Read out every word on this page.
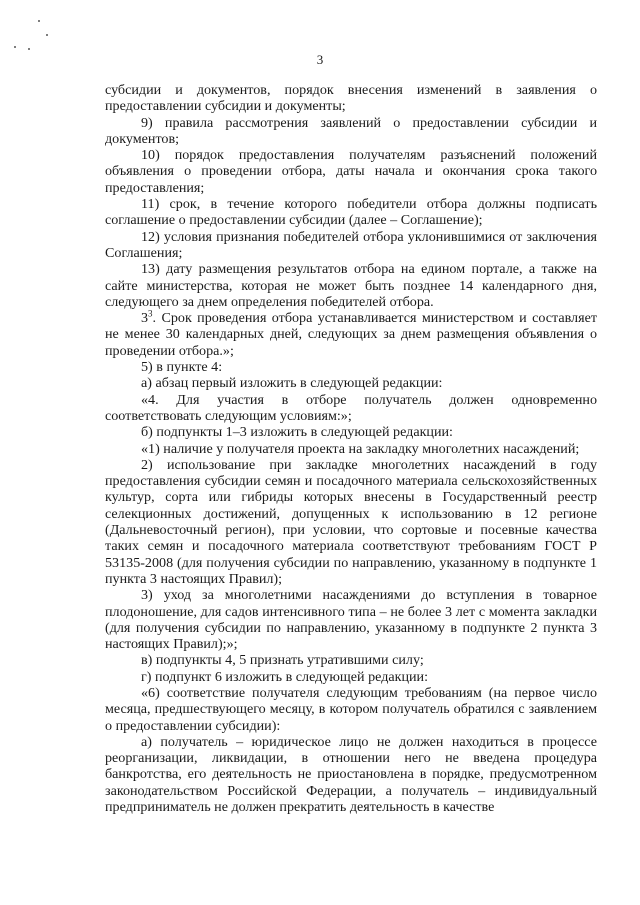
3

субсидии и документов, порядок внесения изменений в заявления о предоставлении субсидии и документы;

9) правила рассмотрения заявлений о предоставлении субсидии и документов;

10) порядок предоставления получателям разъяснений положений объявления о проведении отбора, даты начала и окончания срока такого предоставления;

11) срок, в течение которого победители отбора должны подписать соглашение о предоставлении субсидии (далее – Соглашение);

12) условия признания победителей отбора уклонившимися от заключения Соглашения;

13) дату размещения результатов отбора на едином портале, а также на сайте министерства, которая не может быть позднее 14 календарного дня, следующего за днем определения победителей отбора.

$3^3$. Срок проведения отбора устанавливается министерством и составляет не менее 30 календарных дней, следующих за днем размещения объявления о проведении отбора.»;

5) в пункте 4:

а) абзац первый изложить в следующей редакции:

«4. Для участия в отборе получатель должен одновременно соответствовать следующим условиям:»;

б) подпункты 1–3 изложить в следующей редакции:

«1) наличие у получателя проекта на закладку многолетних насаждений;

2) использование при закладке многолетних насаждений в году предоставления субсидии семян и посадочного материала сельскохозяйственных культур, сорта или гибриды которых внесены в Государственный реестр селекционных достижений, допущенных к использованию в 12 регионе (Дальневосточный регион), при условии, что сортовые и посевные качества таких семян и посадочного материала соответствуют требованиям ГОСТ Р 53135-2008 (для получения субсидии по направлению, указанному в подпункте 1 пункта 3 настоящих Правил);

3) уход за многолетними насаждениями до вступления в товарное плодоношение, для садов интенсивного типа – не более 3 лет с момента закладки (для получения субсидии по направлению, указанному в подпункте 2 пункта 3 настоящих Правил);»;

в) подпункты 4, 5 признать утратившими силу;

г) подпункт 6 изложить в следующей редакции:

«6) соответствие получателя следующим требованиям (на первое число месяца, предшествующего месяцу, в котором получатель обратился с заявлением о предоставлении субсидии):

а) получатель – юридическое лицо не должен находиться в процессе реорганизации, ликвидации, в отношении него не введена процедура банкротства, его деятельность не приостановлена в порядке, предусмотренном законодательством Российской Федерации, а получатель – индивидуальный предприниматель не должен прекратить деятельность в качестве
